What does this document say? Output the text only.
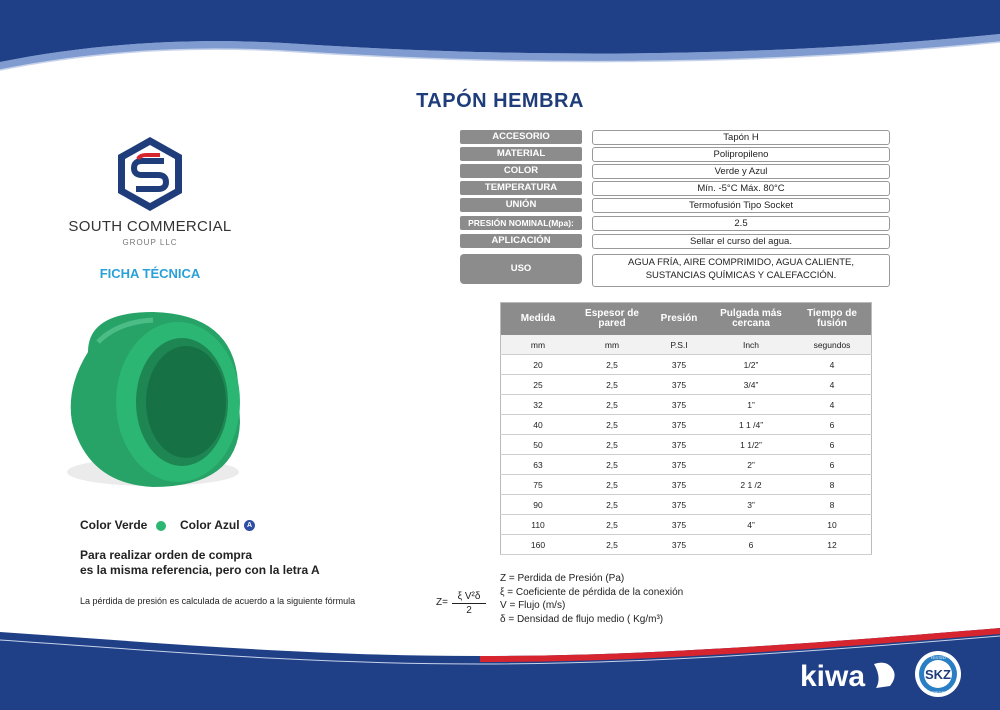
TAPÓN HEMBRA
SOUTH COMMERCIAL
GROUP LLC
FICHA TÉCNICA
Color Verde	Color Azul	A
Para realizar orden de compra
es la misma referencia, pero con la letra A
La pérdida de presión es calculada de acuerdo a la siguiente fórmula	Z=
ξ V²δ
2
Z = Perdida de Presión (Pa)
ξ = Coeficiente de pérdida de la conexión
V = Flujo (m/s)
δ = Densidad de flujo medio ( Kg/m³)
ACCESORIO	Tapón H
MATERIAL	Polipropileno
COLOR	Verde y Azul
TEMPERATURA	Mín. -5°C Máx. 80°C
UNIÓN	Termofusión Tipo Socket
PRESIÓN NOMINAL(Mpa):	2.5
APLICACIÓN	Sellar el curso del agua.
USO
AGUA FRÍA, AIRE COMPRIMIDO, AGUA CALIENTE,
SUSTANCIAS QUÍMICAS Y CALEFACCIÓN.
Medida	Espesor de pared	Presión	Pulgada más cercana	Tiempo de fusión
mm	mm	P.S.I	Inch	segundos
20	2,5	375	1/2”	4
25	2,5	375	3/4”	4
32	2,5	375	1”	4
40	2,5	375	1 1 /4”	6
50	2,5	375	1 1/2”	6
63	2,5	375	2”	6
75	2,5	375	2 1 /2	8
90	2,5	375	3”	8
110	2,5	375	4”	10
160	2,5	375	6	12
kiwa	SKZ
TESTED
INSPECTED
